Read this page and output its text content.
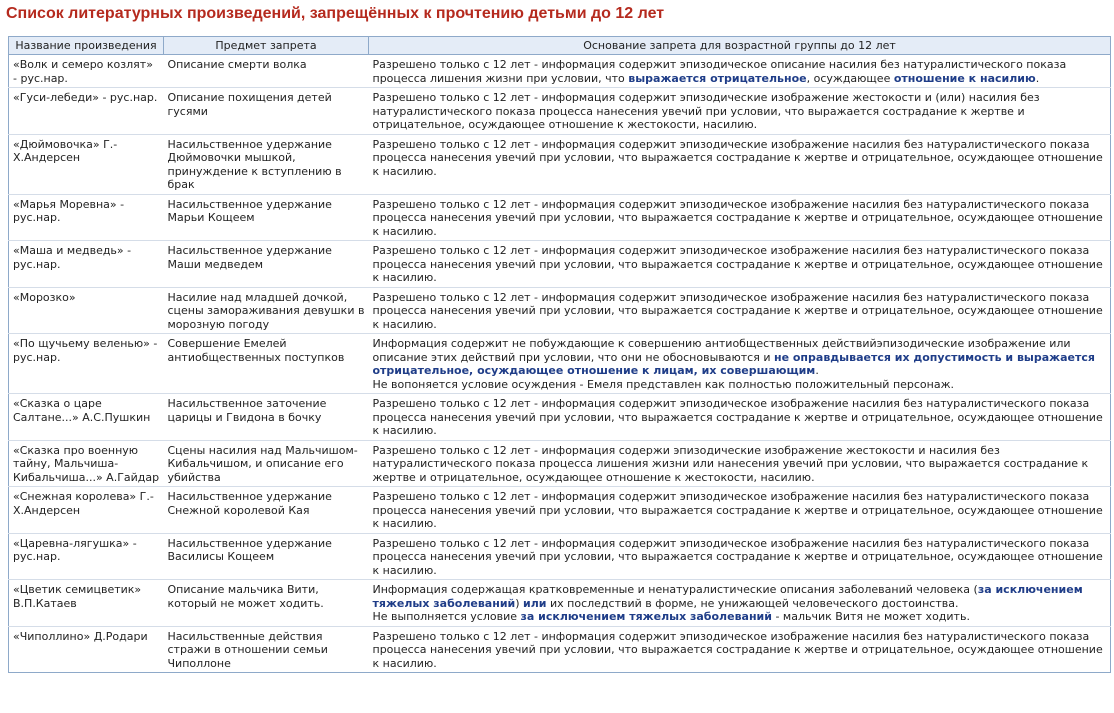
Список литературных произведений, запрещённых к прочтению детьми до 12 лет
Название произведения	Предмет запрета	Основание запрета для возрастной группы до 12 лет
«Волк и семеро козлят» - рус.нар.	Описание смерти волка	Разрешено только с 12 лет - информация содержит эпизодическое описание насилия без натуралистического показа процесса лишения жизни при условии, что выражается отрицательное, осуждающее отношение к насилию.
«Гуси-лебеди» - рус.нар.	Описание похищения детей гусями	Разрешено только с 12 лет - информация содержит эпизодические изображение жестокости и (или) насилия без натуралистического показа процесса нанесения увечий при условии, что выражается сострадание к жертве и отрицательное, осуждающее отношение к жестокости, насилию.
«Дюймовочка» Г.-Х.Андерсен	Насильственное удержание Дюймовочки мышкой, принуждение к вступлению в брак	Разрешено только с 12 лет - информация содержит эпизодические изображение насилия без натуралистического показа процесса нанесения увечий при условии, что выражается сострадание к жертве и отрицательное, осуждающее отношение к насилию.
«Марья Моревна» - рус.нар.	Насильственное удержание Марьи Кощеем	Разрешено только с 12 лет - информация содержит эпизодическое изображение насилия без натуралистического показа процесса нанесения увечий при условии, что выражается сострадание к жертве и отрицательное, осуждающее отношение к насилию.
«Маша и медведь» - рус.нар.	Насильственное удержание Маши медведем	Разрешено только с 12 лет - информация содержит эпизодическое изображение насилия без натуралистического показа процесса нанесения увечий при условии, что выражается сострадание к жертве и отрицательное, осуждающее отношение к насилию.
«Морозко»	Насилие над младшей дочкой, сцены замораживания девушки в морозную погоду	Разрешено только с 12 лет - информация содержит эпизодическое изображение насилия без натуралистического показа процесса нанесения увечий при условии, что выражается сострадание к жертве и отрицательное, осуждающее отношение к насилию.
«По щучьему веленью» - рус.нар.	Совершение Емелей антиобщественных поступков	Информация содержит не побуждающие к совершению антиобщественных действийэпизодические изображение или описание этих действий при условии, что они не обосновываются и не оправдывается их допустимость и выражается отрицательное, осуждающее отношение к лицам, их совершающим.
Не вопоняется условие осуждения - Емеля представлен как полностью положительный персонаж.
«Сказка о царе Салтане...» А.С.Пушкин	Насильственное заточение царицы и Гвидона в бочку	Разрешено только с 12 лет - информация содержит эпизодическое изображение насилия без натуралистического показа процесса нанесения увечий при условии, что выражается сострадание к жертве и отрицательное, осуждающее отношение к насилию.
«Сказка про военную тайну, Мальчиша-Кибальчиша...» А.Гайдар	Сцены насилия над Мальчишом-Кибальчишом, и описание его убийства	Разрешено только с 12 лет - информация содержи эпизодические изображение жестокости и насилия без натуралистического показа процесса лишения жизни или нанесения увечий при условии, что выражается сострадание к жертве и отрицательное, осуждающее отношение к жестокости, насилию.
«Снежная королева» Г.-Х.Андерсен	Насильственное удержание Снежной королевой Кая	Разрешено только с 12 лет - информация содержит эпизодическое изображение насилия без натуралистического показа процесса нанесения увечий при условии, что выражается сострадание к жертве и отрицательное, осуждающее отношение к насилию.
«Царевна-лягушка» - рус.нар.	Насильственное удержание Василисы Кощеем	Разрешено только с 12 лет - информация содержит эпизодическое изображение насилия без натуралистического показа процесса нанесения увечий при условии, что выражается сострадание к жертве и отрицательное, осуждающее отношение к насилию.
«Цветик семицветик» В.П.Катаев	Описание мальчика Вити, который не может ходить.	Информация содержащая кратковременные и ненатуралистические описания заболеваний человека (за исключением тяжелых заболеваний) или их последствий в форме, не унижающей человеческого достоинства.
Не выполняется условие за исключением тяжелых заболеваний - мальчик Витя не может ходить.
«Чиполлино» Д.Родари	Насильственные действия стражи в отношении семьи Чиполлоне	Разрешено только с 12 лет - информация содержит эпизодическое изображение насилия без натуралистического показа процесса нанесения увечий при условии, что выражается сострадание к жертве и отрицательное, осуждающее отношение к насилию.
